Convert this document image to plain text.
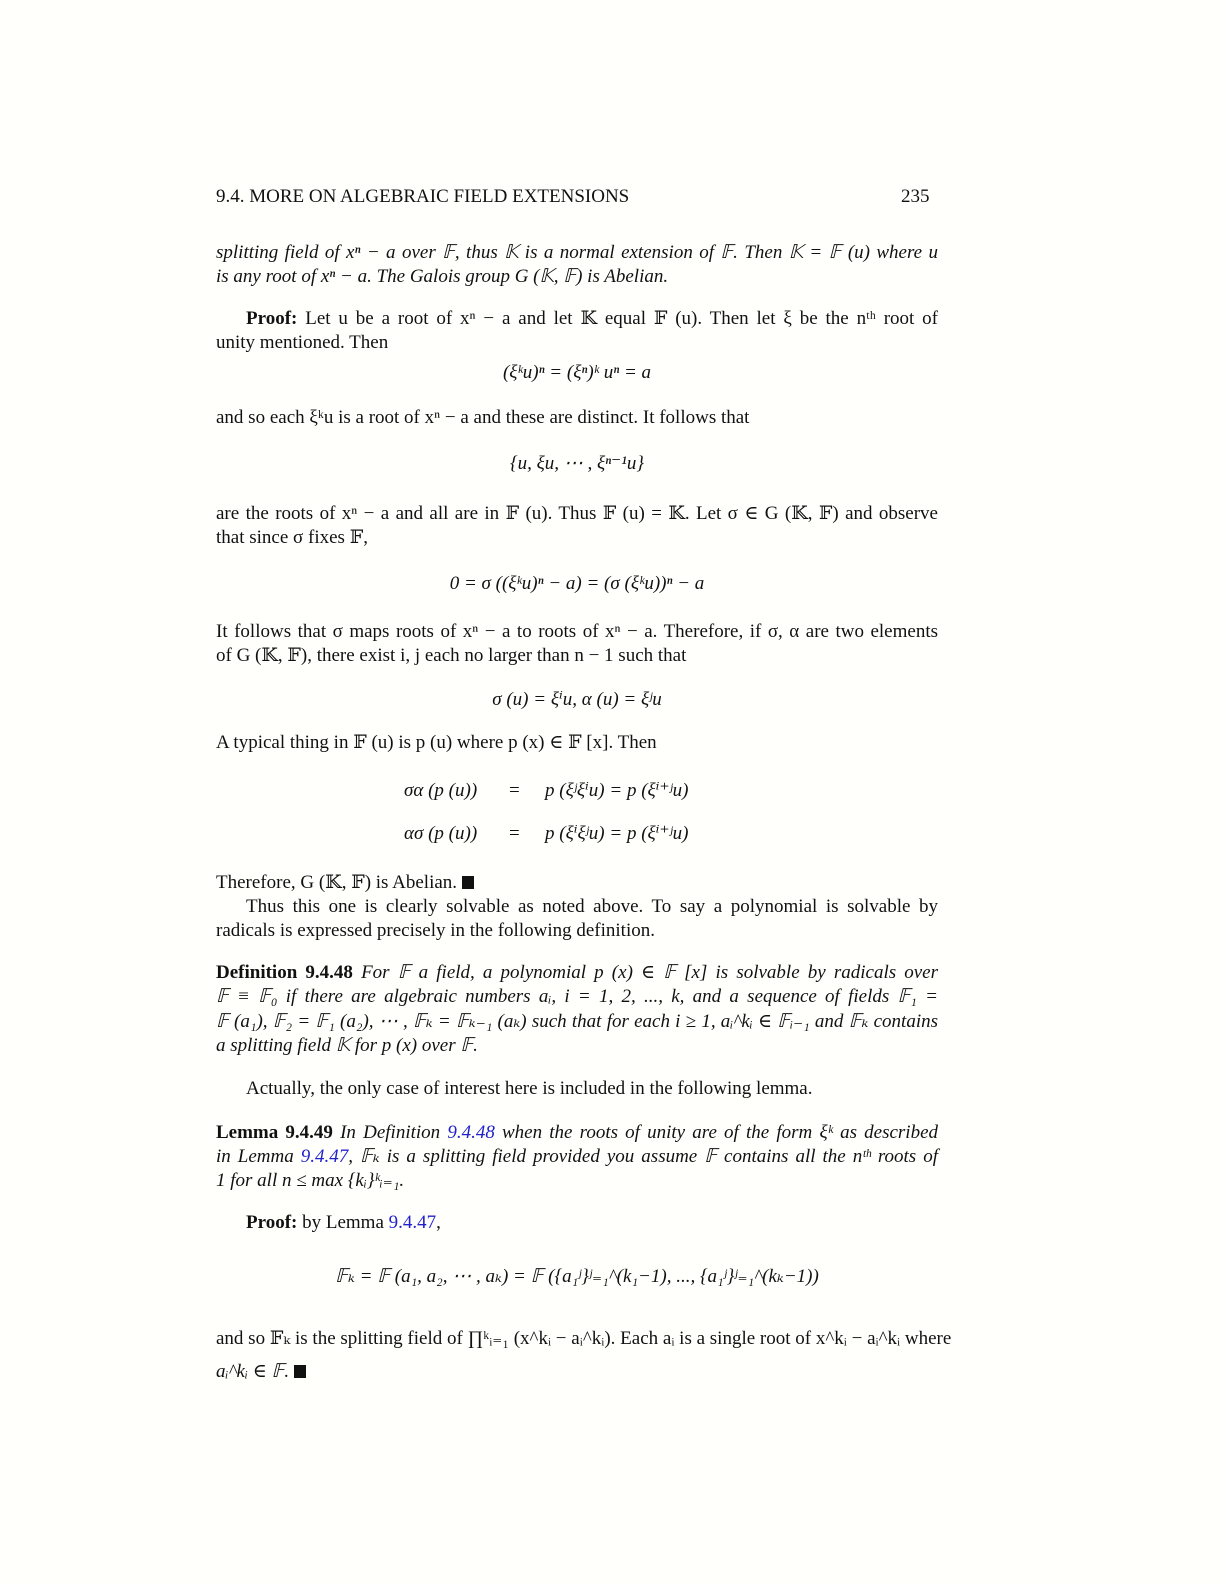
9.4. MORE ON ALGEBRAIC FIELD EXTENSIONS	235
splitting field of xⁿ − a over 𝔽, thus 𝕂 is a normal extension of 𝔽. Then 𝕂 = 𝔽 (u) where u
is any root of xⁿ − a. The Galois group G (𝕂, 𝔽) is Abelian.
Proof: Let u be a root of xⁿ − a and let 𝕂 equal 𝔽 (u). Then let ξ be the nᵗʰ root of
unity mentioned. Then
(ξᵏu)ⁿ = (ξⁿ)ᵏ uⁿ = a
and so each ξᵏu is a root of xⁿ − a and these are distinct. It follows that
{u, ξu, ⋯ , ξⁿ⁻¹u}
are the roots of xⁿ − a and all are in 𝔽 (u). Thus 𝔽 (u) = 𝕂. Let σ ∈ G (𝕂, 𝔽) and observe
that since σ fixes 𝔽,
0 = σ ((ξᵏu)ⁿ − a) = (σ (ξᵏu))ⁿ − a
It follows that σ maps roots of xⁿ − a to roots of xⁿ − a. Therefore, if σ, α are two elements
of G (𝕂, 𝔽), there exist i, j each no larger than n − 1 such that
σ (u) = ξⁱu, α (u) = ξʲu
A typical thing in 𝔽 (u) is p (u) where p (x) ∈ 𝔽 [x]. Then
σα (p (u)) = p (ξʲξⁱu) = p (ξⁱ⁺ʲu)
ασ (p (u)) = p (ξⁱξʲu) = p (ξⁱ⁺ʲu)
Therefore, G (𝕂, 𝔽) is Abelian.
Thus this one is clearly solvable as noted above. To say a polynomial is solvable by
radicals is expressed precisely in the following definition.
Definition 9.4.48 For 𝔽 a field, a polynomial p (x) ∈ 𝔽 [x] is solvable by radicals over
𝔽 ≡ 𝔽₀ if there are algebraic numbers aᵢ, i = 1, 2, ..., k, and a sequence of fields 𝔽₁ =
𝔽 (a₁), 𝔽₂ = 𝔽₁ (a₂), ⋯ , 𝔽ₖ = 𝔽ₖ₋₁ (aₖ) such that for each i ≥ 1, aᵢ^kᵢ ∈ 𝔽ᵢ₋₁ and 𝔽ₖ contains
a splitting field 𝕂 for p (x) over 𝔽.
Actually, the only case of interest here is included in the following lemma.
Lemma 9.4.49 In Definition 9.4.48 when the roots of unity are of the form ξᵏ as described
in Lemma 9.4.47, 𝔽ₖ is a splitting field provided you assume 𝔽 contains all the nᵗʰ roots of
1 for all n ≤ max {kᵢ}ᵏᵢ₌₁.
Proof: by Lemma 9.4.47,
𝔽ₖ = 𝔽 (a₁, a₂, ⋯ , aₖ) = 𝔽 ({a₁ʲ}ʲ₌₁^(k₁−1), ..., {a₁ʲ}ʲ₌₁^(kₖ−1))
and so 𝔽ₖ is the splitting field of ∏ᵏᵢ₌₁ (x^kᵢ − aᵢ^kᵢ). Each aᵢ is a single root of x^kᵢ − aᵢ^kᵢ where
aᵢ^kᵢ ∈ 𝔽.
